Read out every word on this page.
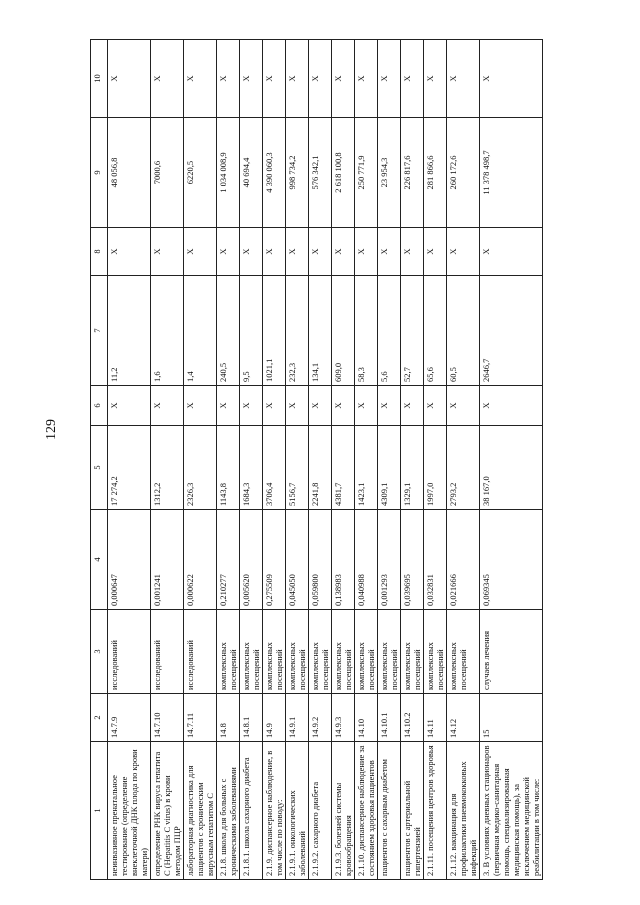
129
1	2	3	4	5	6	7	8	9	10
неинвазивное пренатальное тестирование (определение внеклеточной ДНК плода по крови матери)	14.7.9	исследований	0,000647	17 274,2	Х	11,2	Х	48 056,8	Х
определение РНК вируса гепатита С (Hepatitis C virus) в крови методом ПЦР	14.7.10	исследований	0,001241	1312,2	Х	1,6	Х	7000,6	Х
лабораторная диагностика для пациентов с хроническим вирусным гепатитом С	14.7.11	исследований	0,000622	2326,3	Х	1,4	Х	6220,5	Х
2.1.8. школа для больных с хроническими заболеваниями	14.8	комплексных посещений	0,210277	1143,8	Х	240,5	Х	1 034 008,9	Х
2.1.8.1. школа сахарного диабета	14.8.1	комплексных посещений	0,005620	1684,3	Х	9,5	Х	40 694,4	Х
2.1.9. диспансерное наблюдение, в том числе по поводу:	14.9	комплексных посещений	0,275509	3706,4	Х	1021,1	Х	4 390 060,3	Х
2.1.9.1. онкологических заболеваний	14.9.1	комплексных посещений	0,045050	5156,7	Х	232,3	Х	998 734,2	Х
2.1.9.2. сахарного диабета	14.9.2	комплексных посещений	0,059800	2241,8	Х	134,1	Х	576 342,1	Х
2.1.9.3. болезней системы кровообращения	14.9.3	комплексных посещений	0,138983	4381,7	Х	609,0	Х	2 618 100,8	Х
2.1.10. диспансерное наблюдение за состоянием здоровья пациентов	14.10	комплексных посещений	0,040988	1423,1	Х	58,3	Х	250 771,9	Х
пациентов с сахарным диабетом	14.10.1	комплексных посещений	0,001293	4309,1	Х	5,6	Х	23 954,3	Х
пациентов с артериальной гипертензией	14.10.2	комплексных посещений	0,039695	1329,1	Х	52,7	Х	226 817,6	Х
2.1.11. посещения центров здоровья	14.11	комплексных посещений	0,032831	1997,0	Х	65,6	Х	281 866,6	Х
2.1.12. вакцинация для профилактики пневмококковых инфекций	14.12	комплексных посещений	0,021666	2793,2	Х	60,5	Х	260 172,6	Х
3. В условиях дневных стационаров (первичная медико-санитарная помощь, специализированная медицинская помощь), за исключением медицинской реабилитации в том числе:	15	случаев лечения	0,069345	38 167,0	Х	2646,7	Х	11 378 498,7	Х
